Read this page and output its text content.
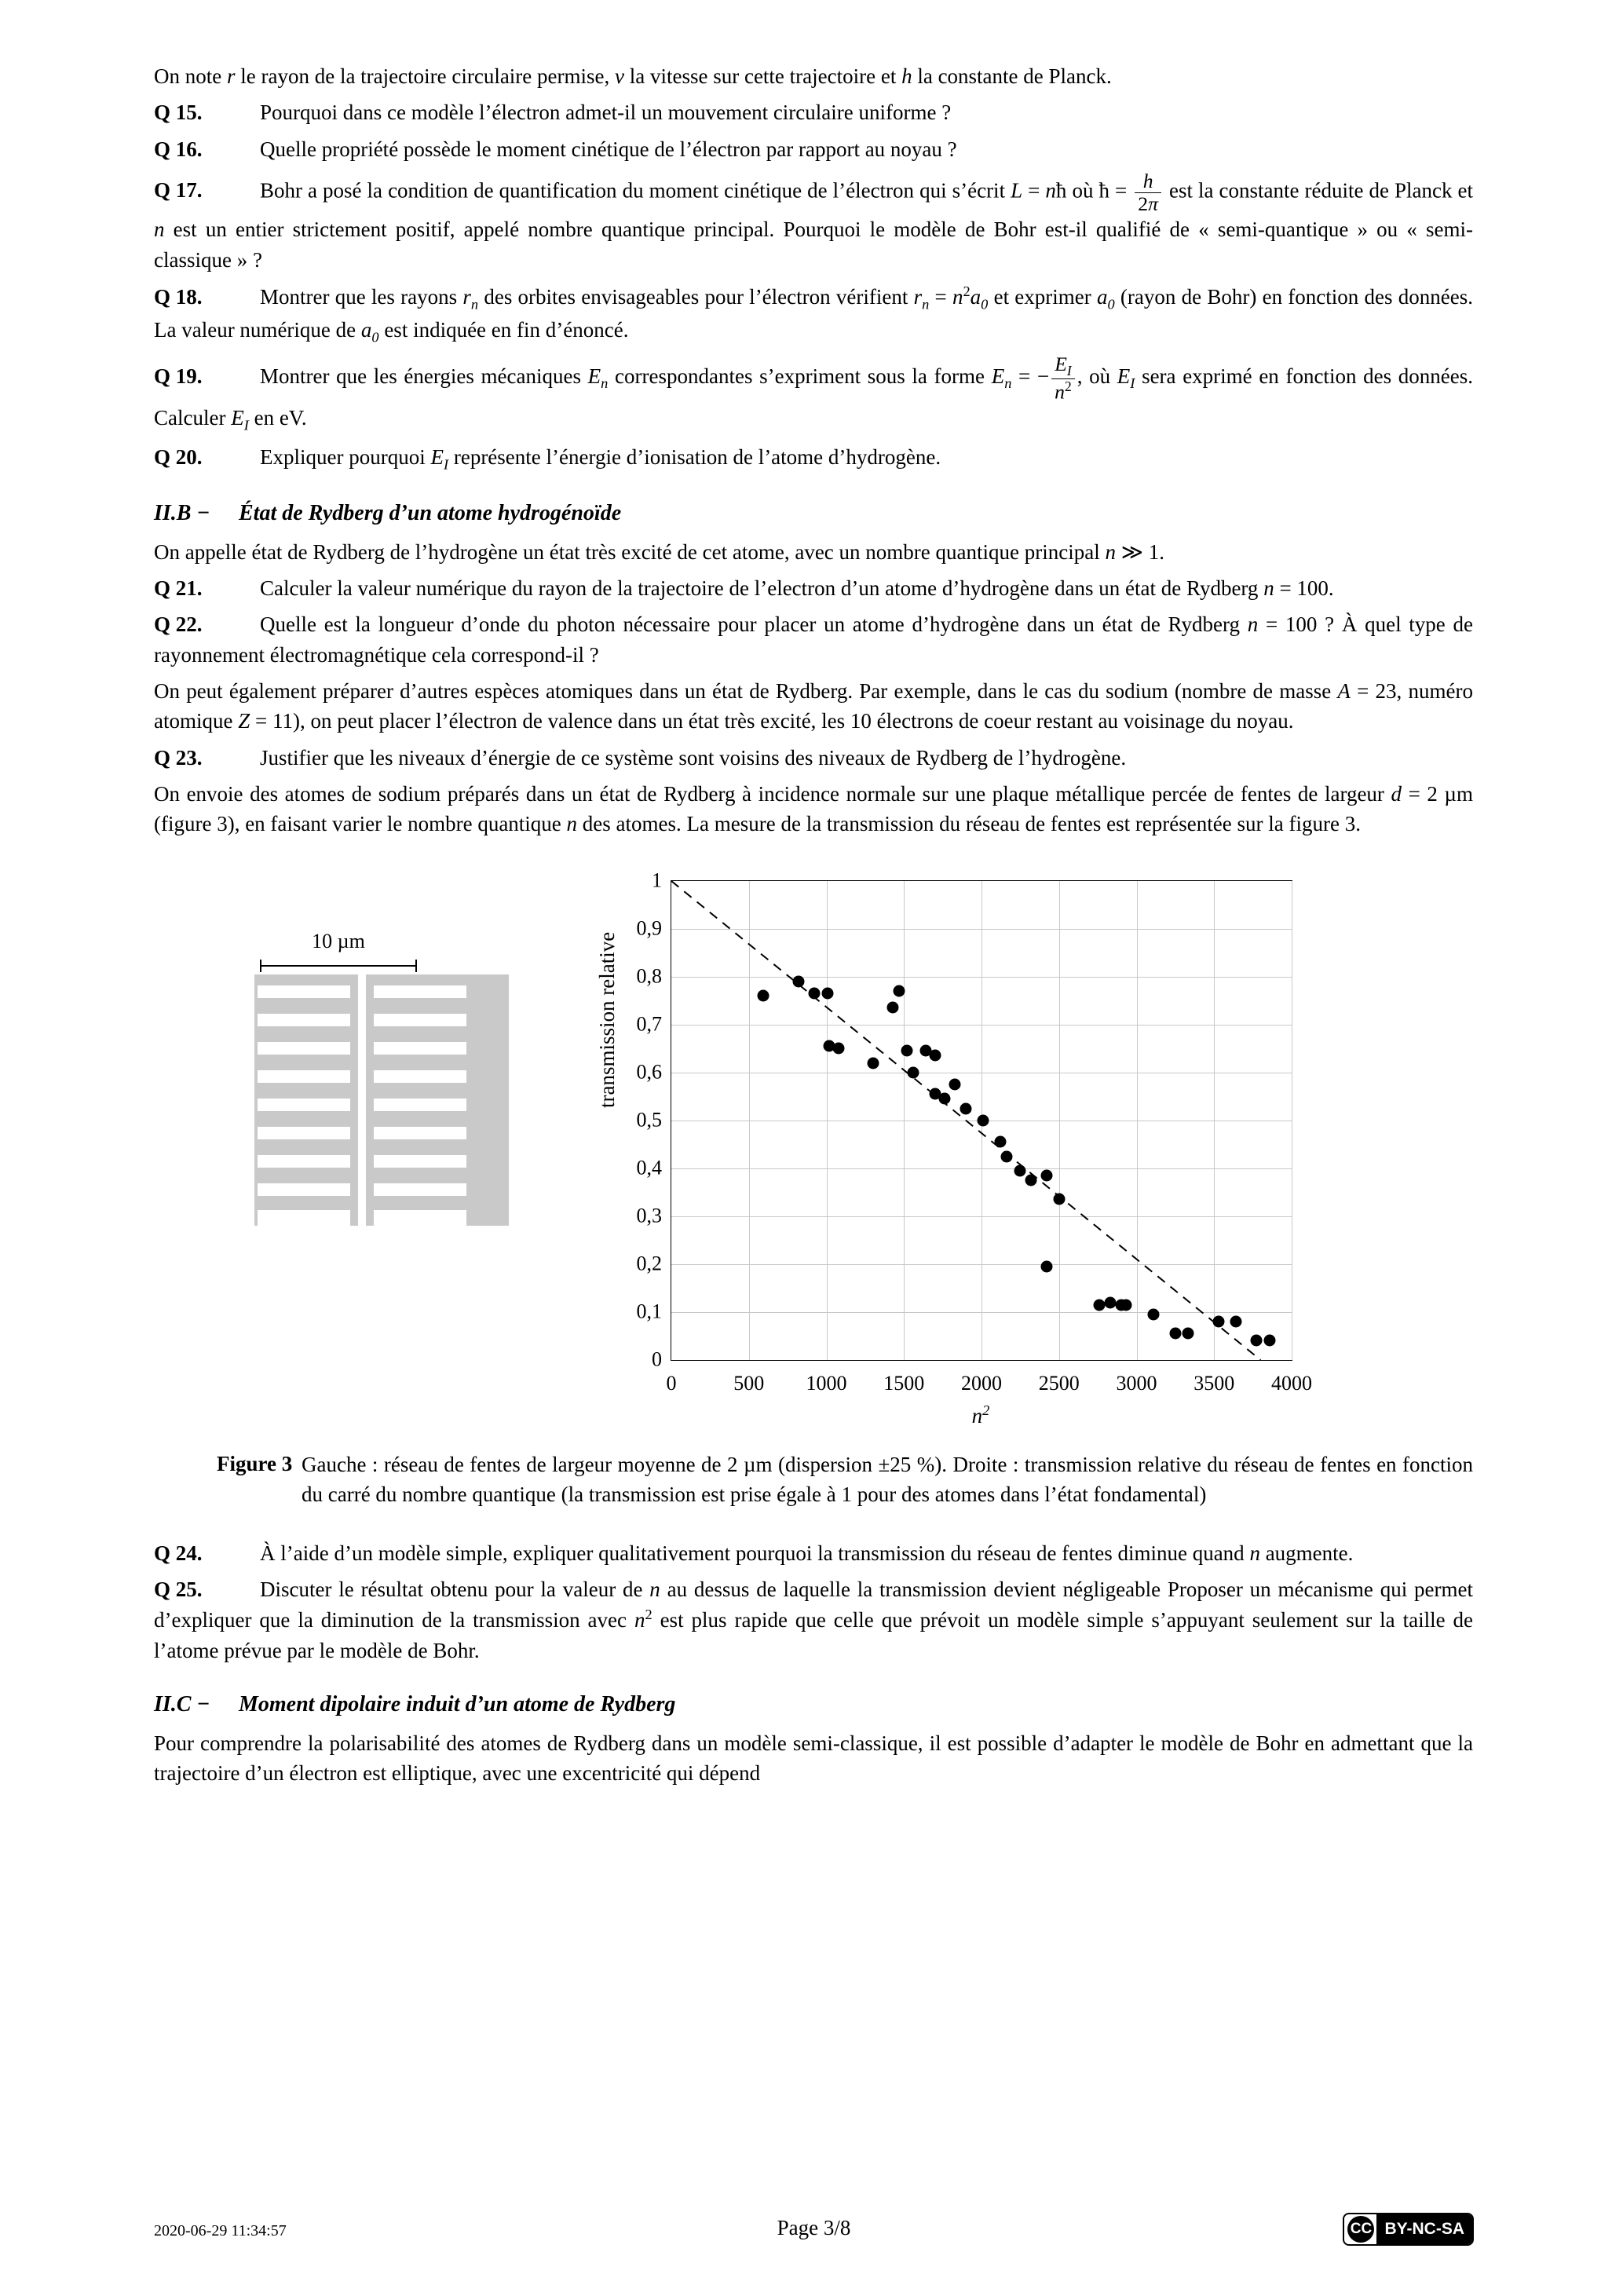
On note r le rayon de la trajectoire circulaire permise, v la vitesse sur cette trajectoire et h la constante de Planck.

Q 15.	Pourquoi dans ce modèle l’électron admet-il un mouvement circulaire uniforme ?

Q 16.	Quelle propriété possède le moment cinétique de l’électron par rapport au noyau ?

Q 17.	Bohr a posé la condition de quantification du moment cinétique de l’électron qui s’écrit L = nħ où ħ = $\frac{h}{2\pi}$ est la constante réduite de Planck et n est un entier strictement positif, appelé nombre quantique principal. Pourquoi le modèle de Bohr est-il qualifié de « semi-quantique » ou « semi-classique » ?

Q 18.	Montrer que les rayons $r_n$ des orbites envisageables pour l’électron vérifient $r_n = n^2a_0$ et exprimer $a_0$ (rayon de Bohr) en fonction des données. La valeur numérique de $a_0$ est indiquée en fin d’énoncé.

Q 19.	Montrer que les énergies mécaniques $E_n$ correspondantes s’expriment sous la forme $E_n$ = − $\frac{E_I}{n^2}$ , où $E_I$ sera exprimé en fonction des données. Calculer $E_I$ en eV.

Q 20.	Expliquer pourquoi $E_I$ représente l’énergie d’ionisation de l’atome d’hydrogène.

II.B − État de Rydberg d’un atome hydrogénoïde

On appelle état de Rydberg de l’hydrogène un état très excité de cet atome, avec un nombre quantique principal n ≫ 1.

Q 21.	Calculer la valeur numérique du rayon de la trajectoire de l’electron d’un atome d’hydrogène dans un état de Rydberg n = 100.

Q 22.	Quelle est la longueur d’onde du photon nécessaire pour placer un atome d’hydrogène dans un état de Rydberg n = 100 ? À quel type de rayonnement électromagnétique cela correspond-il ?

On peut également préparer d’autres espèces atomiques dans un état de Rydberg. Par exemple, dans le cas du sodium (nombre de masse A = 23, numéro atomique Z = 11), on peut placer l’électron de valence dans un état très excité, les 10 électrons de coeur restant au voisinage du noyau.

Q 23.	Justifier que les niveaux d’énergie de ce système sont voisins des niveaux de Rydberg de l’hydrogène.

On envoie des atomes de sodium préparés dans un état de Rydberg à incidence normale sur une plaque métallique percée de fentes de largeur d = 2 µm (figure 3), en faisant varier le nombre quantique n des atomes. La mesure de la transmission du réseau de fentes est représentée sur la figure 3.

10 µm	transmission relative
0	500 1000 1500 2000 2500 3000 3500 4000
0
0,1
0,2
0,3
0,4
0,5
0,6
0,7
0,8
0,9
1
$n^2$

Figure 3 Gauche : réseau de fentes de largeur moyenne de 2 µm (dispersion ±25 %). Droite : transmission relative du réseau de fentes en fonction du carré du nombre quantique (la transmission est prise égale à 1 pour des atomes dans l’état fondamental)

Q 24.	À l’aide d’un modèle simple, expliquer qualitativement pourquoi la transmission du réseau de fentes diminue quand n augmente.

Q 25.	Discuter le résultat obtenu pour la valeur de n au dessus de laquelle la transmission devient négligeable Proposer un mécanisme qui permet d’expliquer que la diminution de la transmission avec $n^2$ est plus rapide que celle que prévoit un modèle simple s’appuyant seulement sur la taille de l’atome prévue par le modèle de Bohr.

II.C − Moment dipolaire induit d’un atome de Rydberg

Pour comprendre la polarisabilité des atomes de Rydberg dans un modèle semi-classique, il est possible d’adapter le modèle de Bohr en admettant que la trajectoire d’un électron est elliptique, avec une excentricité qui dépend

2020-06-29 11:34:57	Page 3/8	CC BY-NC-SA
